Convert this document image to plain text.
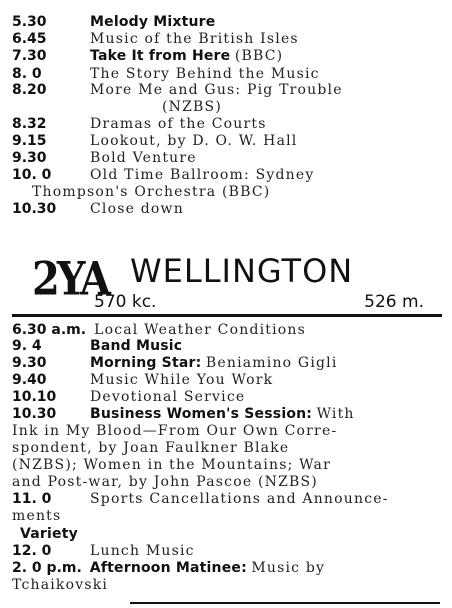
5.30	Melody Mixture
6.45	Music of the British Isles
7.30	Take It from Here (BBC)
8. 0	The Story Behind the Music
8.20	More Me and Gus: Pig Trouble
(NZBS)
8.32	Dramas of the Courts
9.15	Lookout, by D. O. W. Hall
9.30	Bold Venture
10. 0	Old Time Ballroom: Sydney
Thompson's Orchestra (BBC)
10.30 Close down
2YA WELLINGTON
570 kc.	526 m.
6.30 a.m. Local Weather Conditions
9. 4	Band Music
9.30	Morning Star: Beniamino Gigli
9.40	Music While You Work
10.10 Devotional Service
10.30 Business Women's Session: With
Ink in My Blood—From Our Own Corre-
spondent, by Joan Faulkner Blake
(NZBS); Women in the Mountains; War
and Post-war, by John Pascoe (NZBS)
11. 0	Sports Cancellations and Announce-
ments
Variety
12. 0	Lunch Music
2. 0 p.m. Afternoon Matinee: Music by
Tchaikovski
